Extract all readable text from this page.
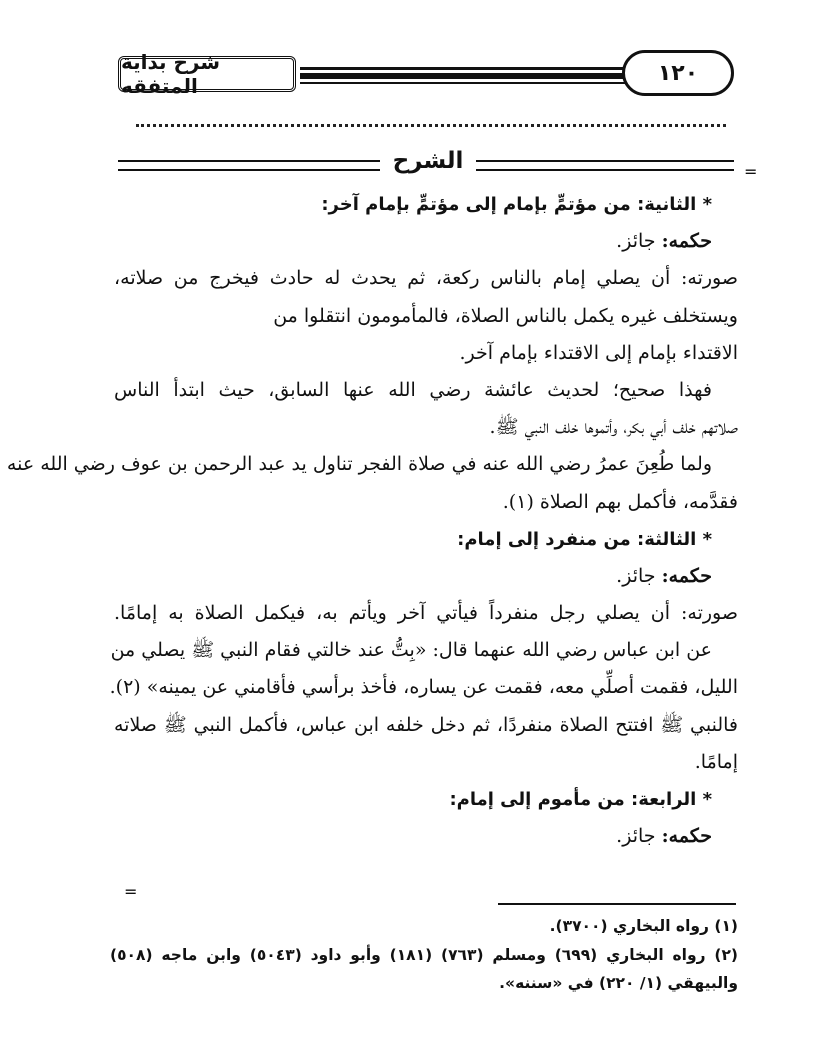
شرح بداية المتفقه
١٢٠
الشرح	=
=
* الثانية: من مؤتمٍّ بإمام إلى مؤتمٍّ بإمام آخر:
حكمه: جائز.
صورته: أن يصلي إمام بالناس ركعة، ثم يحدث له حادث فيخرج من صلاته،
ويستخلف غيره يكمل بالناس الصلاة، فالمأمومون انتقلوا من
الاقتداء بإمام إلى الاقتداء بإمام آخر.
فهذا صحيح؛ لحديث عائشة رضي الله عنها السابق، حيث ابتدأ الناس
صلاتهم خلف أبي بكر، وأتموها خلف النبي ﷺ.
ولما طُعِنَ عمرُ رضي الله عنه في صلاة الفجر تناول يد عبد الرحمن بن عوف رضي الله عنه
فقدَّمه، فأكمل بهم الصلاة (١).
* الثالثة: من منفرد إلى إمام:
حكمه: جائز.
صورته: أن يصلي رجل منفرداً فيأتي آخر ويأتم به، فيكمل الصلاة به إمامًا.
عن ابن عباس رضي الله عنهما قال: «بِتُّ عند خالتي فقام النبي ﷺ يصلي من
الليل، فقمت أصلِّي معه، فقمت عن يساره، فأخذ برأسي فأقامني عن يمينه» (٢).
فالنبي ﷺ افتتح الصلاة منفردًا، ثم دخل خلفه ابن عباس، فأكمل النبي ﷺ صلاته
إمامًا.
* الرابعة: من مأموم إلى إمام:
حكمه: جائز.
(١) رواه البخاري (٣٧٠٠).
(٢) رواه البخاري (٦٩٩) ومسلم (٧٦٣) (١٨١) وأبو داود (٥٠٤٣) وابن ماجه (٥٠٨)
والبيهقي (١/ ٢٢٠) في «سننه».
